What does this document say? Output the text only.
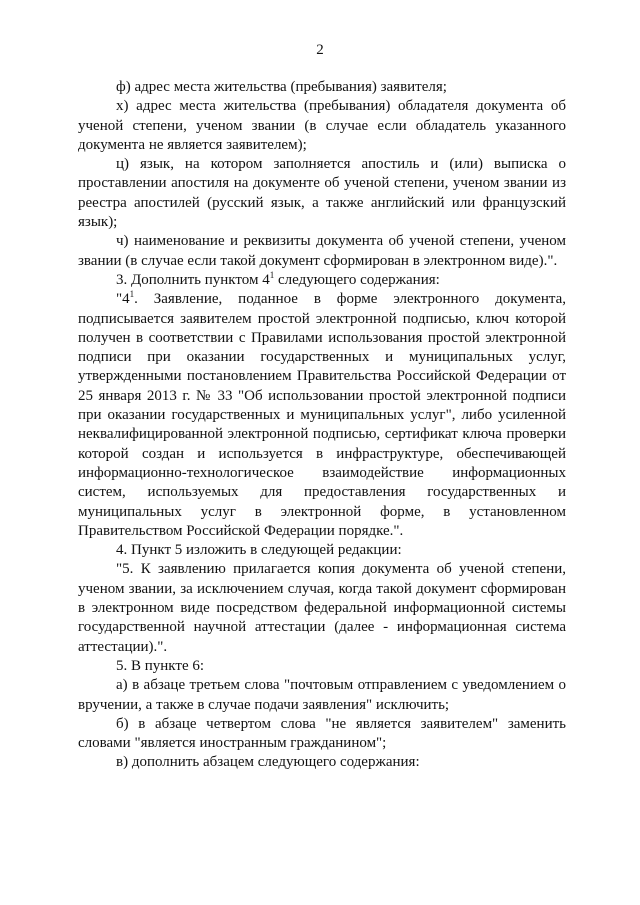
2

ф) адрес места жительства (пребывания) заявителя;

х) адрес места жительства (пребывания) обладателя документа об ученой степени, ученом звании (в случае если обладатель указанного документа не является заявителем);

ц) язык, на котором заполняется апостиль и (или) выписка о проставлении апостиля на документе об ученой степени, ученом звании из реестра апостилей (русский язык, а также английский или французский язык);

ч) наименование и реквизиты документа об ученой степени, ученом звании (в случае если такой документ сформирован в электронном виде).".

3. Дополнить пунктом $4^1$ следующего содержания:

"$4^1$. Заявление, поданное в форме электронного документа, подписывается заявителем простой электронной подписью, ключ которой получен в соответствии с Правилами использования простой электронной подписи при оказании государственных и муниципальных услуг, утвержденными постановлением Правительства Российской Федерации от 25 января 2013 г. № 33 "Об использовании простой электронной подписи при оказании государственных и муниципальных услуг", либо усиленной неквалифицированной электронной подписью, сертификат ключа проверки которой создан и используется в инфраструктуре, обеспечивающей информационно-технологическое взаимодействие информационных систем, используемых для предоставления государственных и муниципальных услуг в электронной форме, в установленном Правительством Российской Федерации порядке.".

4. Пункт 5 изложить в следующей редакции:

"5. К заявлению прилагается копия документа об ученой степени, ученом звании, за исключением случая, когда такой документ сформирован в электронном виде посредством федеральной информационной системы государственной научной аттестации (далее - информационная система аттестации).".

5. В пункте 6:

а) в абзаце третьем слова "почтовым отправлением с уведомлением о вручении, а также в случае подачи заявления" исключить;

б) в абзаце четвертом слова "не является заявителем" заменить словами "является иностранным гражданином";

в) дополнить абзацем следующего содержания:
